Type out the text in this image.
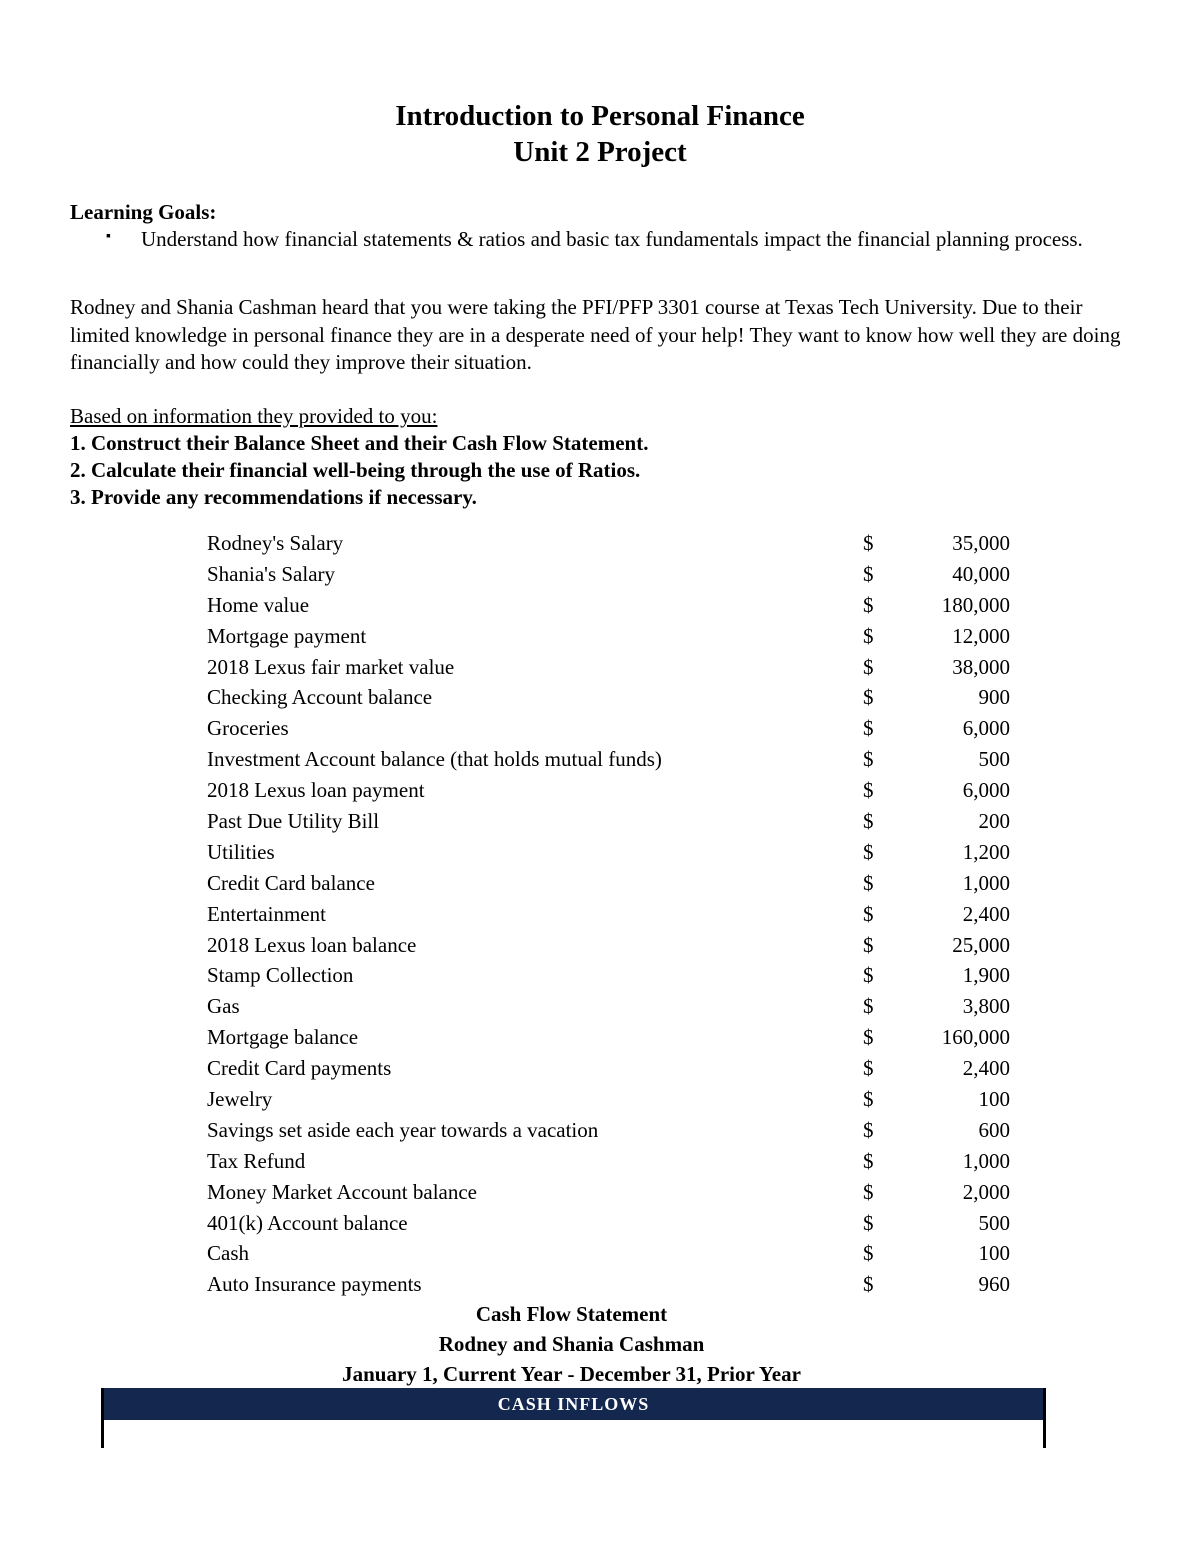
Introduction to Personal Finance
Unit 2 Project
Learning Goals:
▪ Understand how financial statements & ratios and basic tax fundamentals impact the financial planning process.
Rodney and Shania Cashman heard that you were taking the PFI/PFP 3301 course at Texas Tech University. Due to their limited knowledge in personal finance they are in a desperate need of your help! They want to know how well they are doing financially and how could they improve their situation.
Based on information they provided to you:
1. Construct their Balance Sheet and their Cash Flow Statement.
2. Calculate their financial well-being through the use of Ratios.
3. Provide any recommendations if necessary.
Rodney's Salary	$	35,000
Shania's Salary	$	40,000
Home value	$	180,000
Mortgage payment	$	12,000
2018 Lexus fair market value	$	38,000
Checking Account balance	$	900
Groceries	$	6,000
Investment Account balance (that holds mutual funds)	$	500
2018 Lexus loan payment	$	6,000
Past Due Utility Bill	$	200
Utilities	$	1,200
Credit Card balance	$	1,000
Entertainment	$	2,400
2018 Lexus loan balance	$	25,000
Stamp Collection	$	1,900
Gas	$	3,800
Mortgage balance	$	160,000
Credit Card payments	$	2,400
Jewelry	$	100
Savings set aside each year towards a vacation	$	600
Tax Refund	$	1,000
Money Market Account balance	$	2,000
401(k) Account balance	$	500
Cash	$	100
Auto Insurance payments	$	960
Cash Flow Statement
Rodney and Shania Cashman
January 1, Current Year - December 31, Prior Year
CASH INFLOWS
